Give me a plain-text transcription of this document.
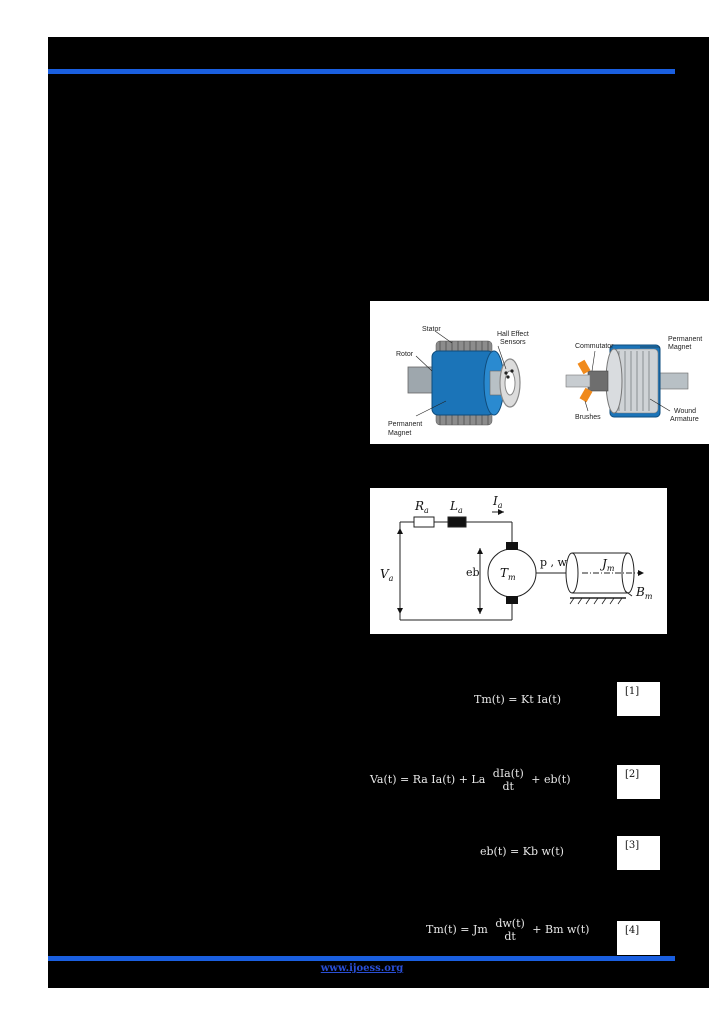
Stator
Rotor
Hall Effect
Sensors
Permanent
Magnet
Commutator
Permanent
Magnet
Brushes
Wound
Armature
$R_a$ $L_a$
$I_a$
$V_a$	eb $T_m$
p , w	$J_m$
$B_m$
Tm(t) = Kt Ia(t)
[1]
Va(t) = Ra Ia(t) + La dIa(t)
dt
+ eb(t)	[2]
eb(t) = Kb w(t)	[3]
Tm(t) = Jm dw(t)
dt
+ Bm w(t)	[4]
www.ijoess.org
